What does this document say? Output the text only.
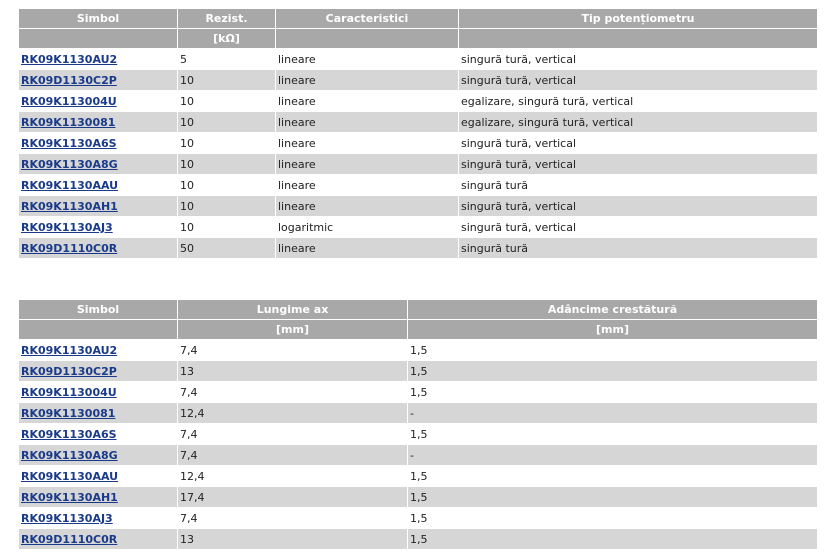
Simbol	Rezist.	Caracteristici	Tip potențiometru
	[kΩ]		
RK09K1130AU2	5	lineare	singură tură, vertical
RK09D1130C2P	10	lineare	singură tură, vertical
RK09K113004U	10	lineare	egalizare, singură tură, vertical
RK09K1130081	10	lineare	egalizare, singură tură, vertical
RK09K1130A6S	10	lineare	singură tură, vertical
RK09K1130A8G	10	lineare	singură tură, vertical
RK09K1130AAU	10	lineare	singură tură
RK09K1130AH1	10	lineare	singură tură, vertical
RK09K1130AJ3	10	logaritmic	singură tură, vertical
RK09D1110C0R	50	lineare	singură tură
Simbol	Lungime ax	Adâncime crestătură
	[mm]	[mm]
RK09K1130AU2	7,4	1,5
RK09D1130C2P	13	1,5
RK09K113004U	7,4	1,5
RK09K1130081	12,4	-
RK09K1130A6S	7,4	1,5
RK09K1130A8G	7,4	-
RK09K1130AAU	12,4	1,5
RK09K1130AH1	17,4	1,5
RK09K1130AJ3	7,4	1,5
RK09D1110C0R	13	1,5
